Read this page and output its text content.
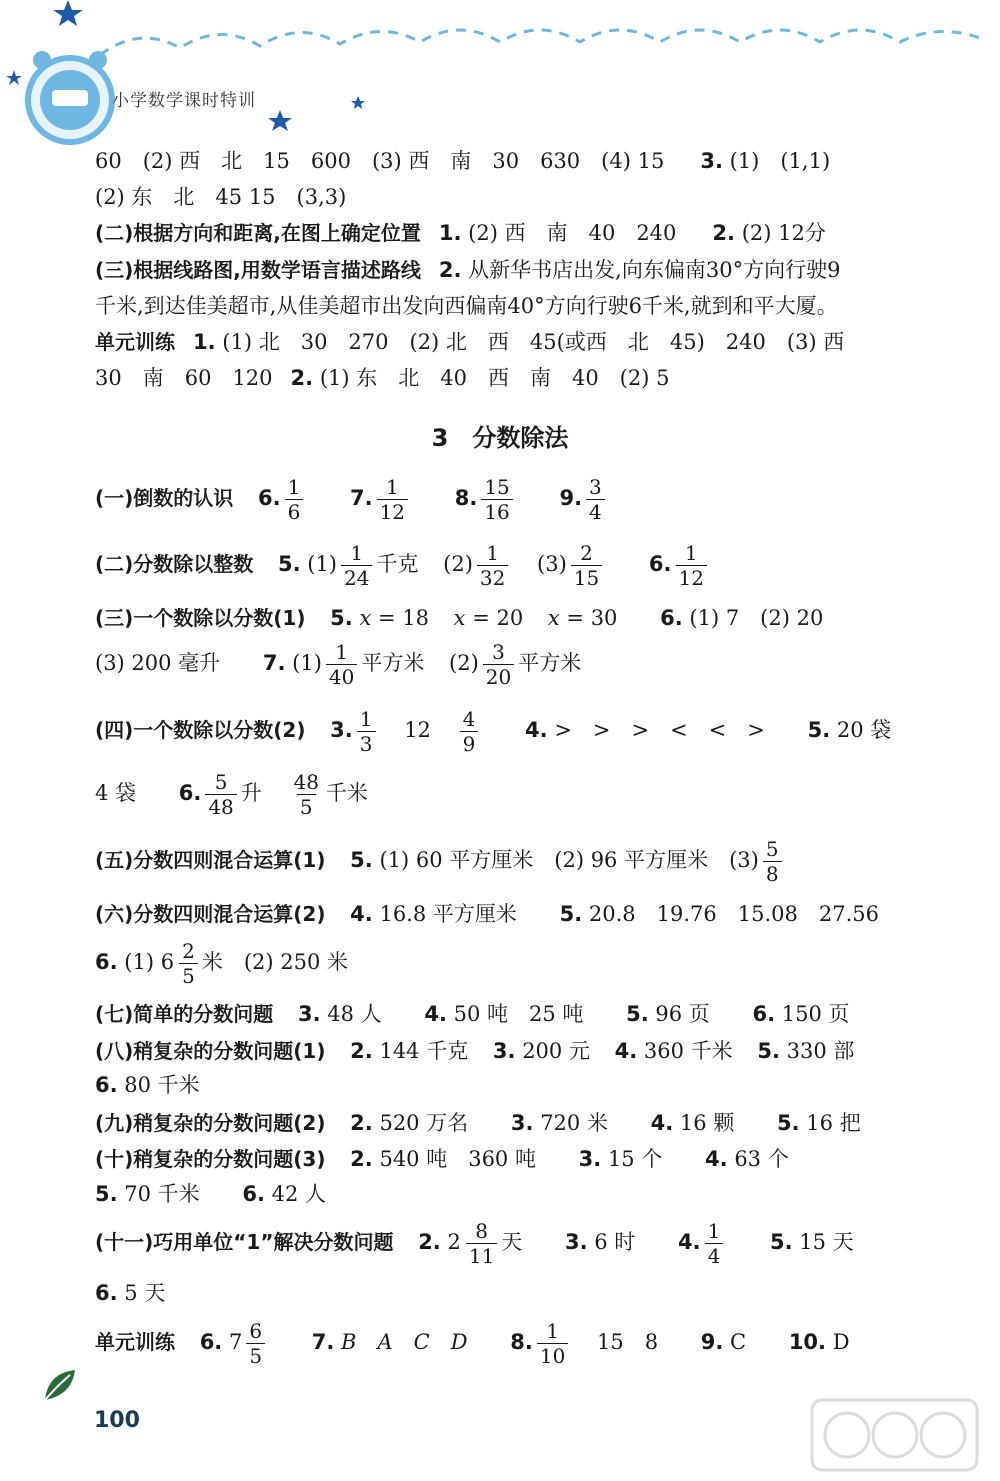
小学数学课时特训
60　(2) 西　北　15　600　(3) 西　南　30　630　(4) 15 3. (1)　(1,1)
(2) 东　北　45 15　(3,3)
(二)根据方向和距离,在图上确定位置 1. (2) 西　南　40　240 2. (2) 12分
(三)根据线路图,用数学语言描述路线 2. 从新华书店出发,向东偏南30°方向行驶9
千米,到达佳美超市,从佳美超市出发向西偏南40°方向行驶6千米,就到和平大厦。
单元训练 1. (1) 北　30　270　(2) 北　西　45(或西　北　45)　240　(3) 西
30　南　60　120 2. (1) 东　北　40　西　南　40　(2) 5
3　分数除法
(一)倒数的认识 6. $\frac{1}{6} 7$. $\frac{1}{12} 8$. $\frac{15}{16} 9$. $\frac{3}{4}$
(二)分数除以整数 5. $(1) \frac{1}{24}$ 千克 $(2) \frac{1}{32} (3) \frac{2}{15} 6$. $\frac{1}{12}$
(三)一个数除以分数(1) 5. x = 18 x = 20 x = 30 6. (1) 7　(2) 20
(3) 200 毫升 7. $(1) \frac{1}{40}$ 平方米 $(2) \frac{3}{20}$ 平方米
(四)一个数除以分数(2) 3. $\frac{1}{3} 12 \frac{4}{9} 4$. >　>　>　<　<　> 5. 20 袋
4 袋 6. $\frac{5}{48}$ 升 $\frac{48}{5}$ 千米
(五)分数四则混合运算(1) 5. (1) 60 平方厘米　(2) 96 平方厘米　$(3) \frac{5}{8}$
(六)分数四则混合运算(2) 4. 16.8 平方厘米 5. 20.8　19.76　15.08　27.56
6. (1) $6 \frac{2}{5}$ 米　(2) 250 米
(七)简单的分数问题 3. 48 人 4. 50 吨　25 吨 5. 96 页 6. 150 页
(八)稍复杂的分数问题(1) 2. 144 千克 3. 200 元 4. 360 千米 5. 330 部
6. 80 千米
(九)稍复杂的分数问题(2) 2. 520 万名 3. 720 米 4. 16 颗 5. 16 把
(十)稍复杂的分数问题(3) 2. 540 吨　360 吨 3. 15 个 4. 63 个
5. 70 千米 6. 42 人
(十一)巧用单位“1”解决分数问题 2. $2 \frac{8}{11}$ 天 3. 6 时 4. $\frac{1}{4} 5$. 15 天
6. 5 天
单元训练 6. $7 \frac{6}{5} 7$. B　A　C　D 8. $\frac{1}{10} 15$　8 9. C 10. D
100
